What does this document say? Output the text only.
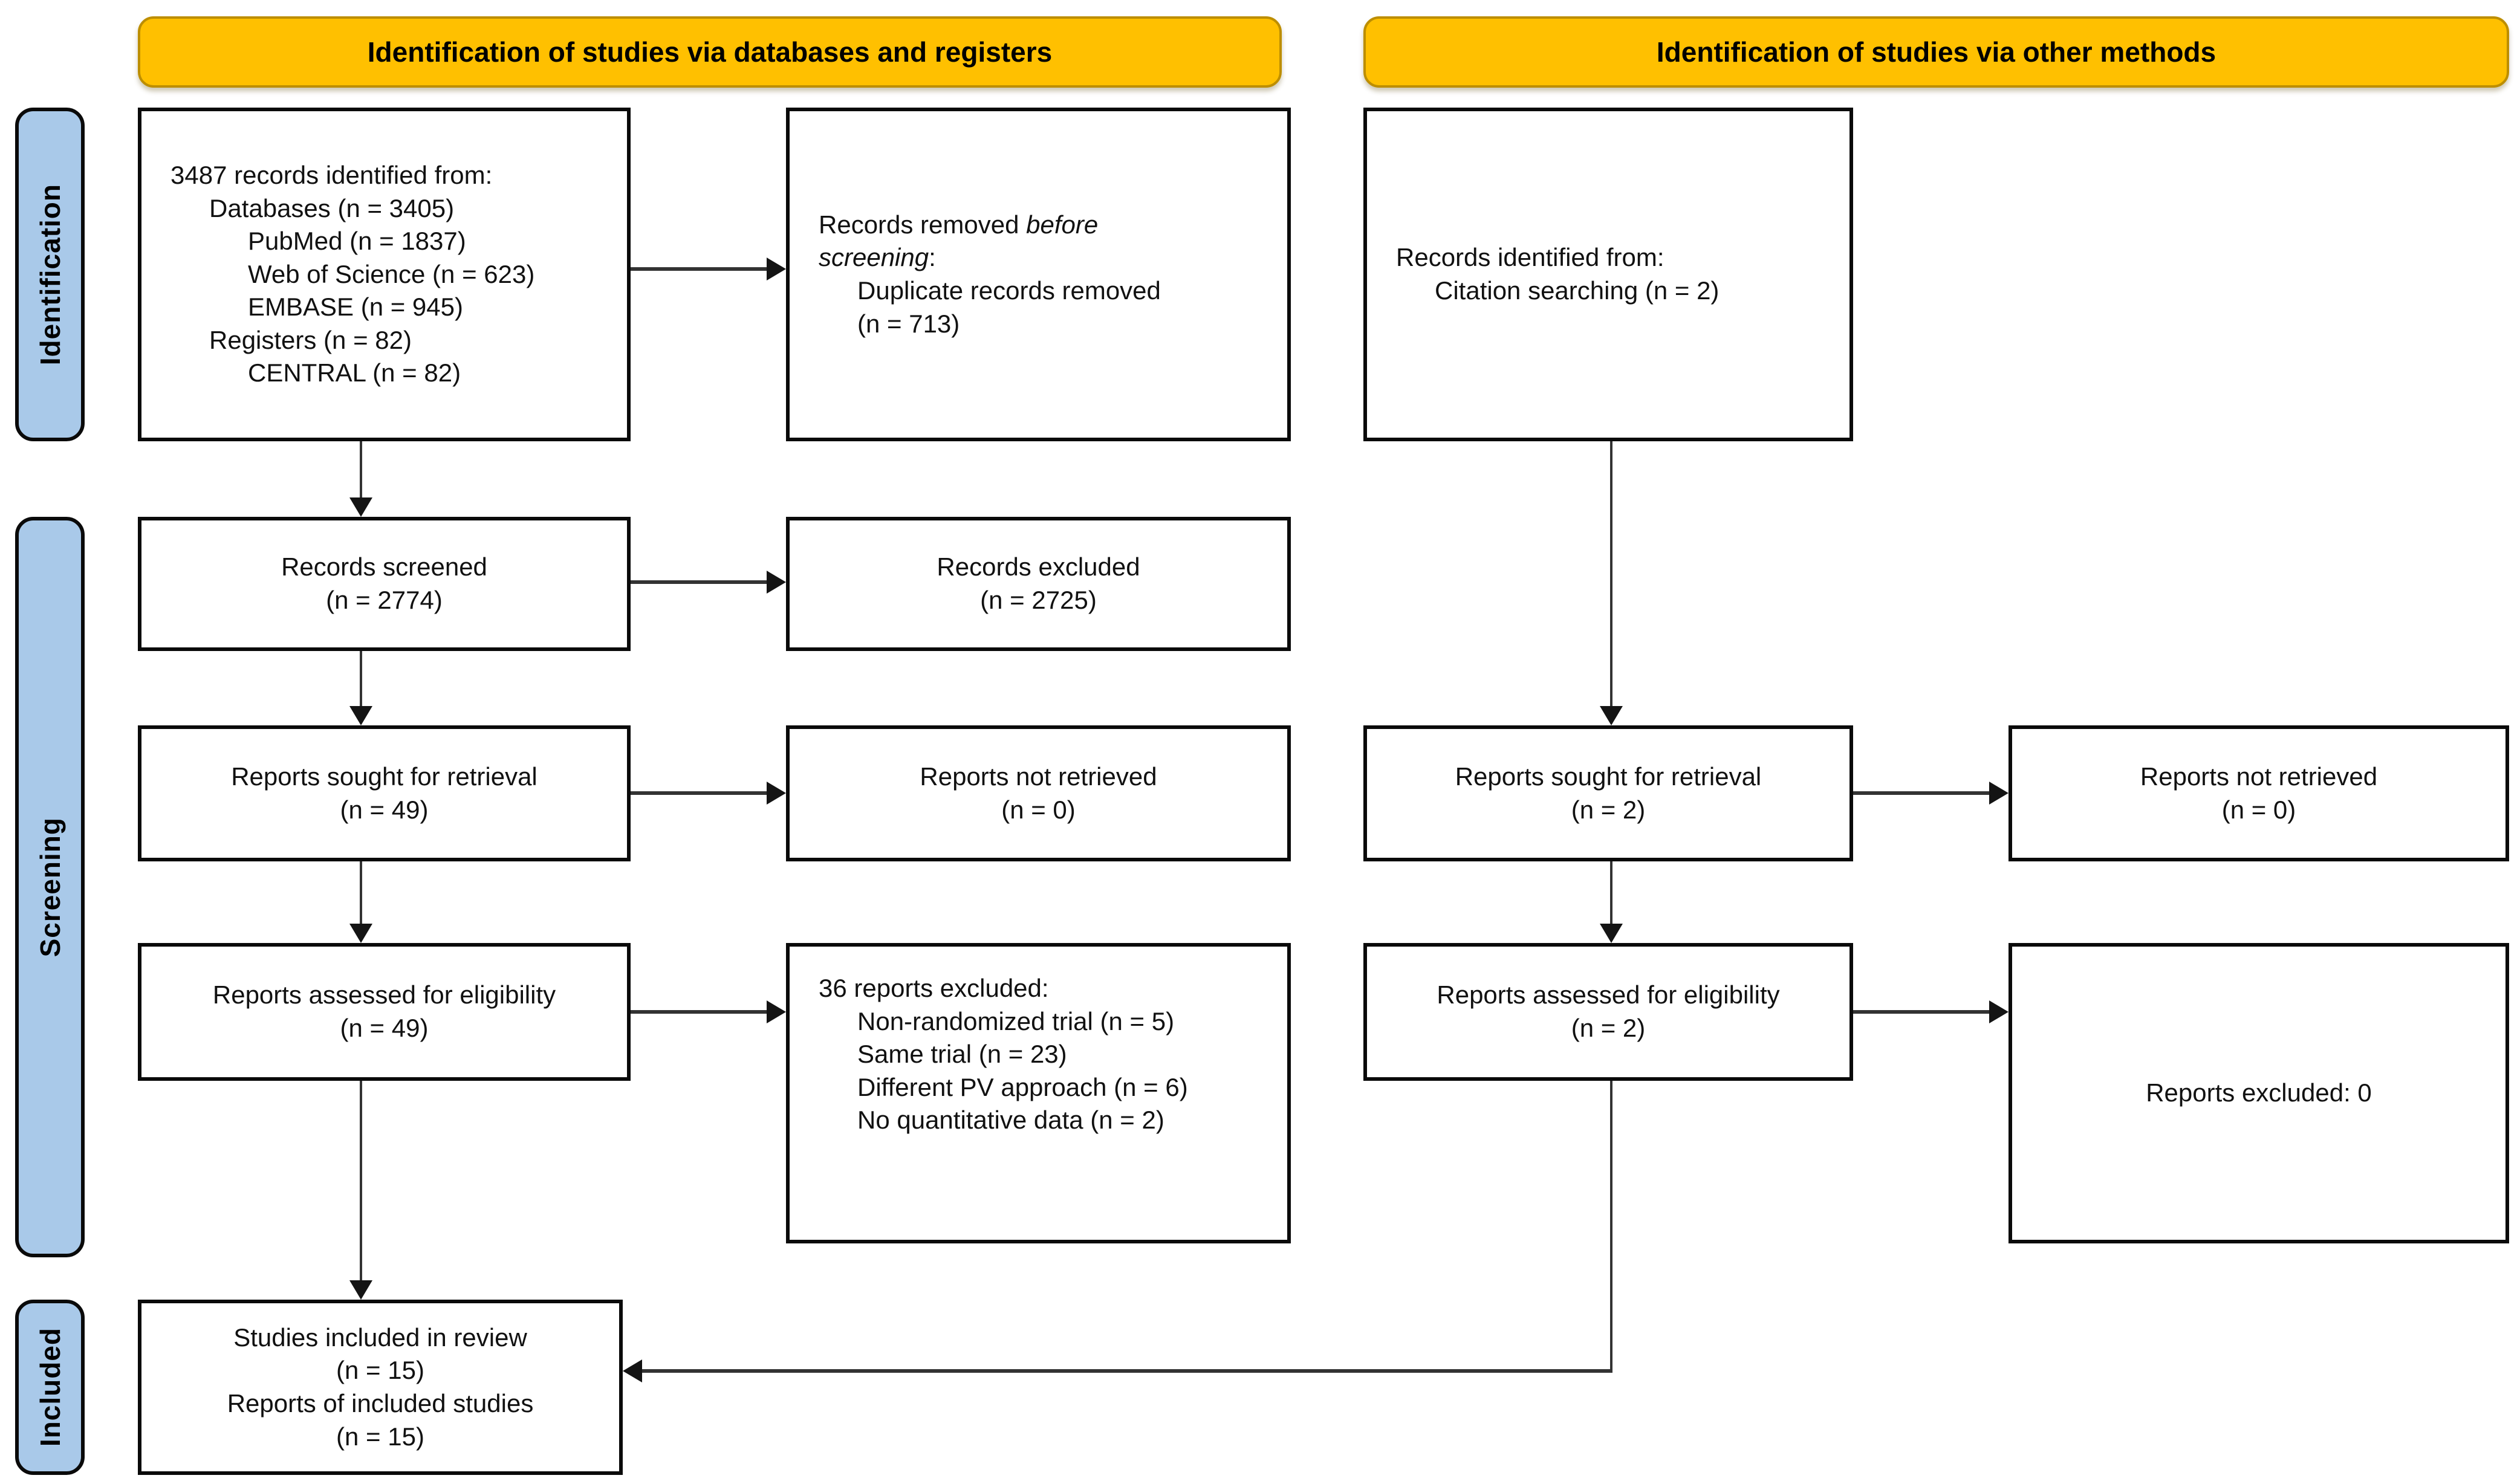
Identification of studies via databases and registers	Identification of studies via other methods
Identification
Screening
Included
3487 records identified from:
Databases (n = 3405)
PubMed (n = 1837)
Web of Science (n = 623)
EMBASE (n = 945)
Registers (n = 82)
CENTRAL (n = 82)
Records screened
(n = 2774)
Reports sought for retrieval
(n = 49)
Reports assessed for eligibility
(n = 49)
Studies included in review
(n = 15)
Reports of included studies
(n = 15)
Records removed before
screening:
Duplicate records removed
(n = 713)
Records excluded
(n = 2725)
Reports not retrieved
(n = 0)
36 reports excluded:
Non-randomized trial (n = 5)
Same trial (n = 23)
Different PV approach (n = 6)
No quantitative data (n = 2)
Records identified from:
Citation searching (n = 2)
Reports sought for retrieval
(n = 2)
Reports assessed for eligibility
(n = 2)
Reports not retrieved
(n = 0)
Reports excluded: 0
